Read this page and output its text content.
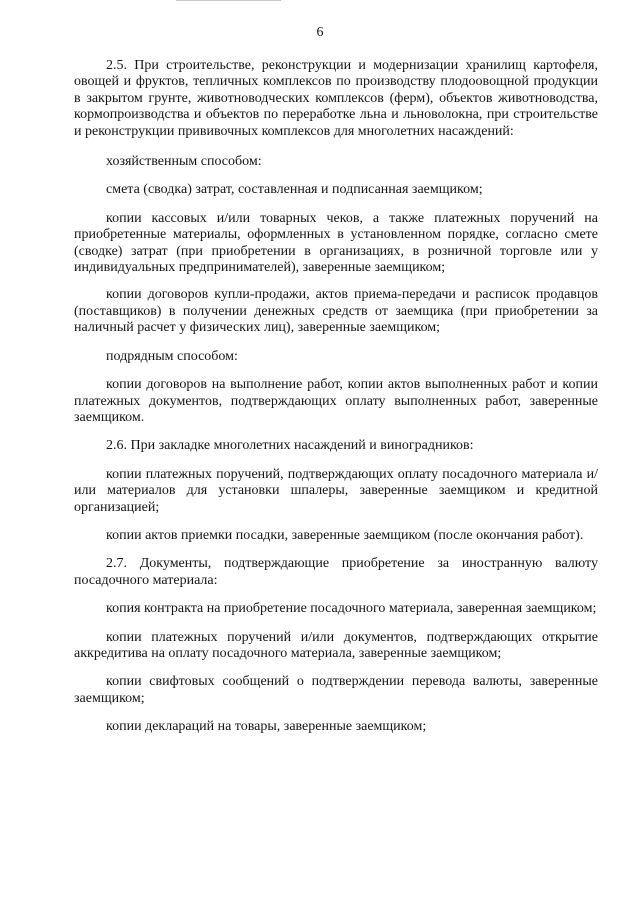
6

2.5. При строительстве, реконструкции и модернизации хранилищ картофеля, овощей и фруктов, тепличных комплексов по производству плодоовощной продукции в закрытом грунте, животноводческих комплексов (ферм), объектов животноводства, кормопроизводства и объектов по переработке льна и льноволокна, при строительстве и реконструкции прививочных комплексов для многолетних насаждений:

хозяйственным способом:

смета (сводка) затрат, составленная и подписанная заемщиком;

копии кассовых и/или товарных чеков, а также платежных поручений на приобретенные материалы, оформленных в установленном порядке, согласно смете (сводке) затрат (при приобретении в организациях, в розничной торговле или у индивидуальных предпринимателей), заверенные заемщиком;

копии договоров купли-продажи, актов приема-передачи и расписок продавцов (поставщиков) в получении денежных средств от заемщика (при приобретении за наличный расчет у физических лиц), заверенные заемщиком;

подрядным способом:

копии договоров на выполнение работ, копии актов выполненных работ и копии платежных документов, подтверждающих оплату выполненных работ, заверенные заемщиком.

2.6. При закладке многолетних насаждений и виноградников:

копии платежных поручений, подтверждающих оплату посадочного материала и/или материалов для установки шпалеры, заверенные заемщиком и кредитной организацией;

копии актов приемки посадки, заверенные заемщиком (после окончания работ).

2.7. Документы, подтверждающие приобретение за иностранную валюту посадочного материала:

копия контракта на приобретение посадочного материала, заверенная заемщиком;

копии платежных поручений и/или документов, подтверждающих открытие аккредитива на оплату посадочного материала, заверенные заемщиком;

копии свифтовых сообщений о подтверждении перевода валюты, заверенные заемщиком;

копии деклараций на товары, заверенные заемщиком;
